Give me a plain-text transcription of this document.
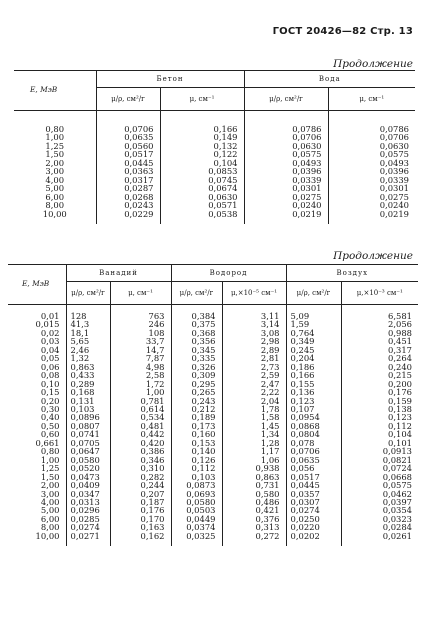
ГОСТ 20426—82 Стр. 13
Продолжение
E, МэВ	Бетон		Вода	
	μ/ρ, см²/г	μ, см⁻¹	μ/ρ, см²/г	μ, см⁻¹

0,80	0,0706	0,166	0,0786	0,0786
1,00	0,0635	0,149	0,0706	0,0706
1,25	0,0560	0,132	0,0630	0,0630
1,50	0,0517	0,122	0,0575	0,0575
2,00	0,0445	0,104	0,0493	0,0493
3,00	0,0363	0,0853	0,0396	0,0396
4,00	0,0317	0,0745	0,0339	0,0339
5,00	0,0287	0,0674	0,0301	0,0301
6,00	0,0268	0,0630	0,0275	0,0275
8,00	0,0243	0,0571	0,0240	0,0240
10,00	0,0229	0,0538	0,0219	0,0219

Продолжение
E, МэВ	Ванадий		Водород		Воздух	
	μ/ρ, см²/г	μ, см⁻¹	μ/ρ, см²/г	μ,×10⁻⁵ см⁻¹	μ/ρ, см²/г	μ,×10⁻³ см⁻¹

0,01	128	763	0,384	3,11	5,09	6,581
0,015	41,3	246	0,375	3,14	1,59	2,056
0,02	18,1	108	0,368	3,08	0,764	0,988
0,03	5,65	33,7	0,356	2,98	0,349	0,451
0,04	2,46	14,7	0,345	2,89	0,245	0,317
0,05	1,32	7,87	0,335	2,81	0,204	0,264
0,06	0,863	4,98	0,326	2,73	0,186	0,240
0,08	0,433	2,58	0,309	2,59	0,166	0,215
0,10	0,289	1,72	0,295	2,47	0,155	0,200
0,15	0,168	1,00	0,265	2,22	0,136	0,176
0,20	0,131	0,781	0,243	2,04	0,123	0,159
0,30	0,103	0,614	0,212	1,78	0,107	0,138
0,40	0,0896	0,534	0,189	1,58	0,0954	0,123
0,50	0,0807	0,481	0,173	1,45	0,0868	0,112
0,60	0,0741	0,442	0,160	1,34	0,0804	0,104
0,661	0,0705	0,420	0,153	1,28	0,078	0,101
0,80	0,0647	0,386	0,140	1,17	0,0706	0,0913
1,00	0,0580	0,346	0,126	1,06	0,0635	0,0821
1,25	0,0520	0,310	0,112	0,938	0,056	0,0724
1,50	0,0473	0,282	0,103	0,863	0,0517	0,0668
2,00	0,0409	0,244	0,0873	0,731	0,0445	0,0575
3,00	0,0347	0,207	0,0693	0,580	0,0357	0,0462
4,00	0,0313	0,187	0,0580	0,486	0,0307	0,0397
5,00	0,0296	0,176	0,0503	0,421	0,0274	0,0354
6,00	0,0285	0,170	0,0449	0,376	0,0250	0,0323
8,00	0,0274	0,163	0,0374	0,313	0,0220	0,0284
10,00	0,0271	0,162	0,0325	0,272	0,0202	0,0261
